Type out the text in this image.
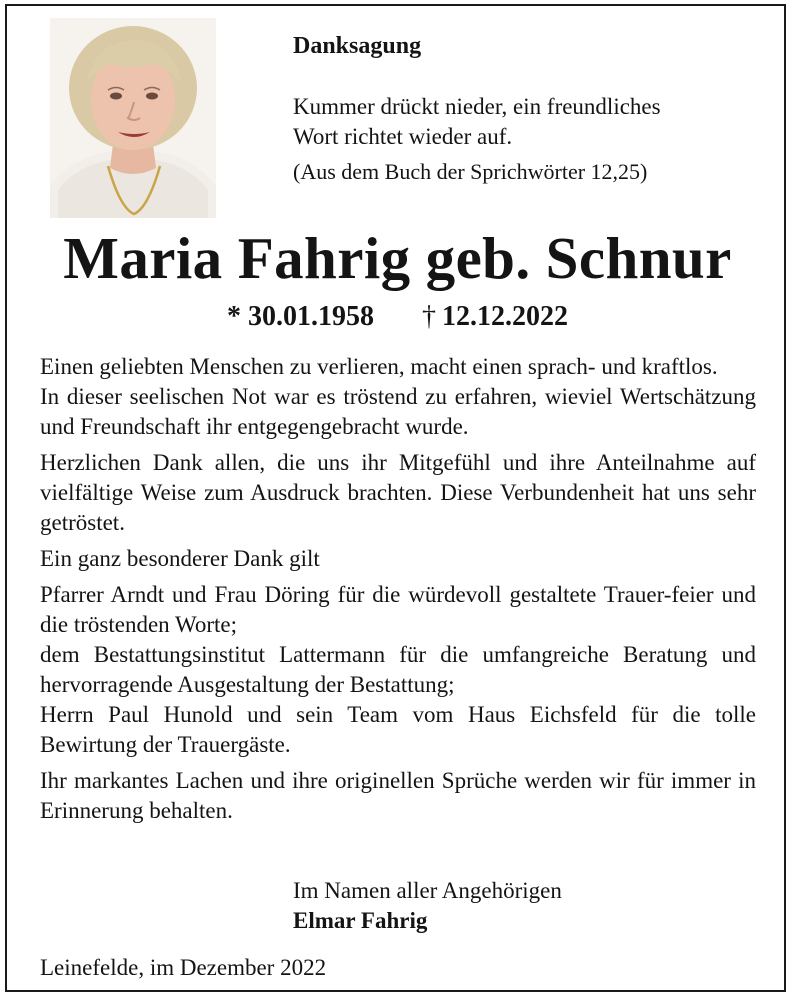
Danksagung
Kummer drückt nieder, ein freundliches
Wort richtet wieder auf.
(Aus dem Buch der Sprichwörter 12,25)
Maria Fahrig geb. Schnur
* 30.01.1958 † 12.12.2022

Einen geliebten Menschen zu verlieren, macht einen sprach- und kraftlos.

In dieser seelischen Not war es tröstend zu erfahren, wieviel Wertschätzung und Freundschaft ihr entgegengebracht wurde.

Herzlichen Dank allen, die uns ihr Mitgefühl und ihre Anteilnahme auf vielfältige Weise zum Ausdruck brachten. Diese Verbundenheit hat uns sehr getröstet.

Ein ganz besonderer Dank gilt

Pfarrer Arndt und Frau Döring für die würdevoll gestaltete Trauer-feier und die tröstenden Worte;

dem Bestattungsinstitut Lattermann für die umfangreiche Beratung und hervorragende Ausgestaltung der Bestattung;

Herrn Paul Hunold und sein Team vom Haus Eichsfeld für die tolle Bewirtung der Trauergäste.

Ihr markantes Lachen und ihre originellen Sprüche werden wir für immer in Erinnerung behalten.

Im Namen aller Angehörigen
Elmar Fahrig
Leinefelde, im Dezember 2022
